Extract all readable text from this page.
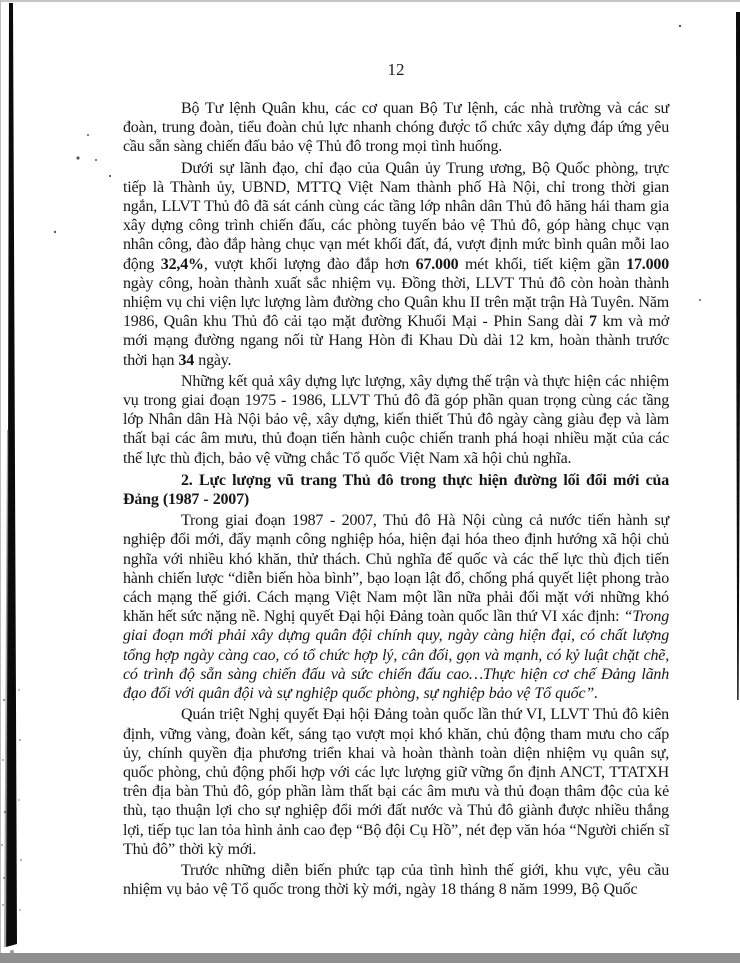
12

Bộ Tư lệnh Quân khu, các cơ quan Bộ Tư lệnh, các nhà trường và các sư đoàn, trung đoàn, tiểu đoàn chủ lực nhanh chóng được tổ chức xây dựng đáp ứng yêu cầu sẵn sàng chiến đấu bảo vệ Thủ đô trong mọi tình huống.

Dưới sự lãnh đạo, chỉ đạo của Quân ủy Trung ương, Bộ Quốc phòng, trực tiếp là Thành ủy, UBND, MTTQ Việt Nam thành phố Hà Nội, chỉ trong thời gian ngắn, LLVT Thủ đô đã sát cánh cùng các tầng lớp nhân dân Thủ đô hăng hái tham gia xây dựng công trình chiến đấu, các phòng tuyến bảo vệ Thủ đô, góp hàng chục vạn nhân công, đào đắp hàng chục vạn mét khối đất, đá, vượt định mức bình quân mỗi lao động 32,4%, vượt khối lượng đào đắp hơn 67.000 mét khối, tiết kiệm gần 17.000 ngày công, hoàn thành xuất sắc nhiệm vụ. Đồng thời, LLVT Thủ đô còn hoàn thành nhiệm vụ chi viện lực lượng làm đường cho Quân khu II trên mặt trận Hà Tuyên. Năm 1986, Quân khu Thủ đô cải tạo mặt đường Khuổi Mại - Phin Sang dài 7 km và mở mới mạng đường ngang nối từ Hang Hòn đi Khau Dù dài 12 km, hoàn thành trước thời hạn 34 ngày.

Những kết quả xây dựng lực lượng, xây dựng thế trận và thực hiện các nhiệm vụ trong giai đoạn 1975 - 1986, LLVT Thủ đô đã góp phần quan trọng cùng các tầng lớp Nhân dân Hà Nội bảo vệ, xây dựng, kiến thiết Thủ đô ngày càng giàu đẹp và làm thất bại các âm mưu, thủ đoạn tiến hành cuộc chiến tranh phá hoại nhiều mặt của các thế lực thù địch, bảo vệ vững chắc Tổ quốc Việt Nam xã hội chủ nghĩa.

2. Lực lượng vũ trang Thủ đô trong thực hiện đường lối đổi mới của Đảng (1987 - 2007)

Trong giai đoạn 1987 - 2007, Thủ đô Hà Nội cùng cả nước tiến hành sự nghiệp đổi mới, đẩy mạnh công nghiệp hóa, hiện đại hóa theo định hướng xã hội chủ nghĩa với nhiều khó khăn, thử thách. Chủ nghĩa đế quốc và các thế lực thù địch tiến hành chiến lược “diễn biến hòa bình”, bạo loạn lật đổ, chống phá quyết liệt phong trào cách mạng thế giới. Cách mạng Việt Nam một lần nữa phải đối mặt với những khó khăn hết sức nặng nề. Nghị quyết Đại hội Đảng toàn quốc lần thứ VI xác định: “Trong giai đoạn mới phải xây dựng quân đội chính quy, ngày càng hiện đại, có chất lượng tổng hợp ngày càng cao, có tổ chức hợp lý, cân đối, gọn và mạnh, có kỷ luật chặt chẽ, có trình độ sẵn sàng chiến đấu và sức chiến đấu cao…Thực hiện cơ chế Đảng lãnh đạo đối với quân đội và sự nghiệp quốc phòng, sự nghiệp bảo vệ Tổ quốc”.

Quán triệt Nghị quyết Đại hội Đảng toàn quốc lần thứ VI, LLVT Thủ đô kiên định, vững vàng, đoàn kết, sáng tạo vượt mọi khó khăn, chủ động tham mưu cho cấp ủy, chính quyền địa phương triển khai và hoàn thành toàn diện nhiệm vụ quân sự, quốc phòng, chủ động phối hợp với các lực lượng giữ vững ổn định ANCT, TTATXH trên địa bàn Thủ đô, góp phần làm thất bại các âm mưu và thủ đoạn thâm độc của kẻ thù, tạo thuận lợi cho sự nghiệp đổi mới đất nước và Thủ đô giành được nhiều thắng lợi, tiếp tục lan tỏa hình ảnh cao đẹp “Bộ đội Cụ Hồ”, nét đẹp văn hóa “Người chiến sĩ Thủ đô” thời kỳ mới.

Trước những diễn biến phức tạp của tình hình thế giới, khu vực, yêu cầu nhiệm vụ bảo vệ Tổ quốc trong thời kỳ mới, ngày 18 tháng 8 năm 1999, Bộ Quốc
